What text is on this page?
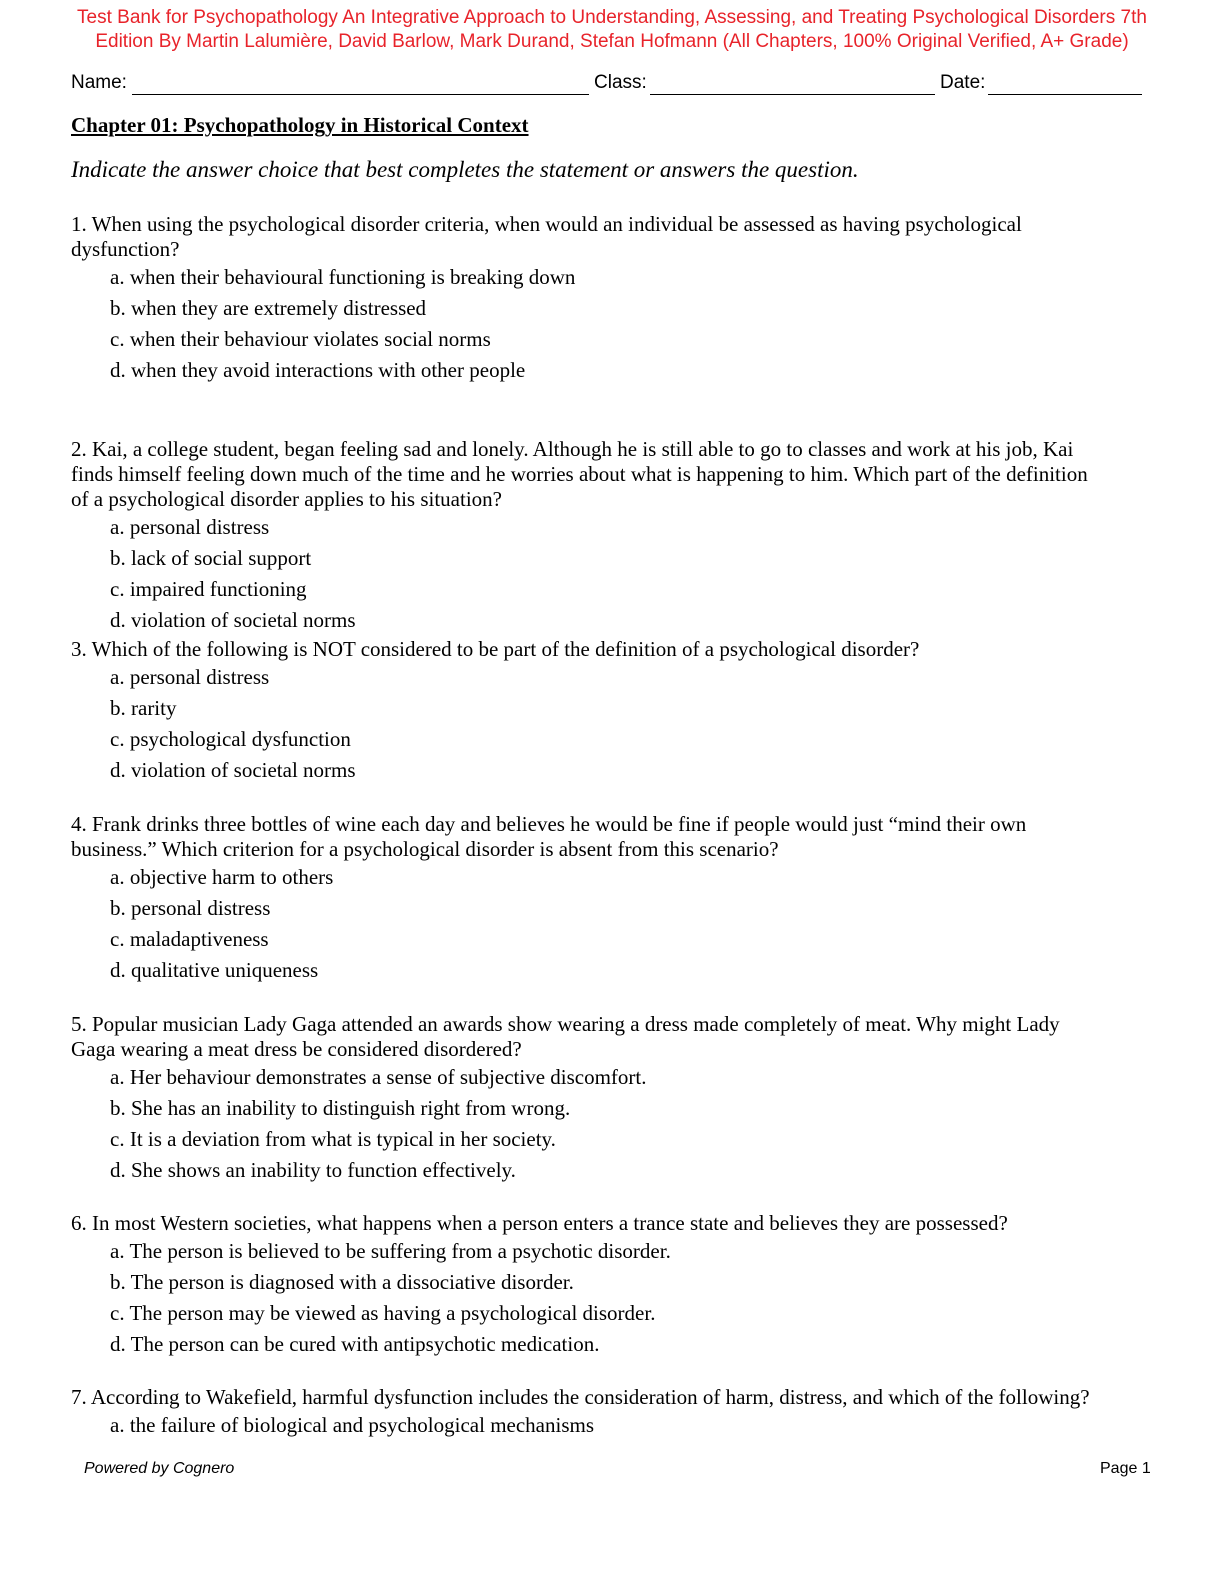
Test Bank for Psychopathology An Integrative Approach to Understanding, Assessing, and Treating Psychological Disorders 7th
Edition By Martin Lalumière, David Barlow, Mark Durand, Stefan Hofmann (All Chapters, 100% Original Verified, A+ Grade)
Name:	Class:	Date:
Chapter 01: Psychopathology in Historical Context
Indicate the answer choice that best completes the statement or answers the question.
1. When using the psychological disorder criteria, when would an individual be assessed as having psychological
dysfunction?
a. when their behavioural functioning is breaking down
b. when they are extremely distressed
c. when their behaviour violates social norms
d. when they avoid interactions with other people
2. Kai, a college student, began feeling sad and lonely. Although he is still able to go to classes and work at his job, Kai
finds himself feeling down much of the time and he worries about what is happening to him. Which part of the definition
of a psychological disorder applies to his situation?
a. personal distress
b. lack of social support
c. impaired functioning
d. violation of societal norms
3. Which of the following is NOT considered to be part of the definition of a psychological disorder?
a. personal distress
b. rarity
c. psychological dysfunction
d. violation of societal norms
4. Frank drinks three bottles of wine each day and believes he would be fine if people would just “mind their own
business.” Which criterion for a psychological disorder is absent from this scenario?
a. objective harm to others
b. personal distress
c. maladaptiveness
d. qualitative uniqueness
5. Popular musician Lady Gaga attended an awards show wearing a dress made completely of meat. Why might Lady
Gaga wearing a meat dress be considered disordered?
a. Her behaviour demonstrates a sense of subjective discomfort.
b. She has an inability to distinguish right from wrong.
c. It is a deviation from what is typical in her society.
d. She shows an inability to function effectively.
6. In most Western societies, what happens when a person enters a trance state and believes they are possessed?
a. The person is believed to be suffering from a psychotic disorder.
b. The person is diagnosed with a dissociative disorder.
c. The person may be viewed as having a psychological disorder.
d. The person can be cured with antipsychotic medication.
7. According to Wakefield, harmful dysfunction includes the consideration of harm, distress, and which of the following?
a. the failure of biological and psychological mechanisms
Powered by Cognero	Page 1
